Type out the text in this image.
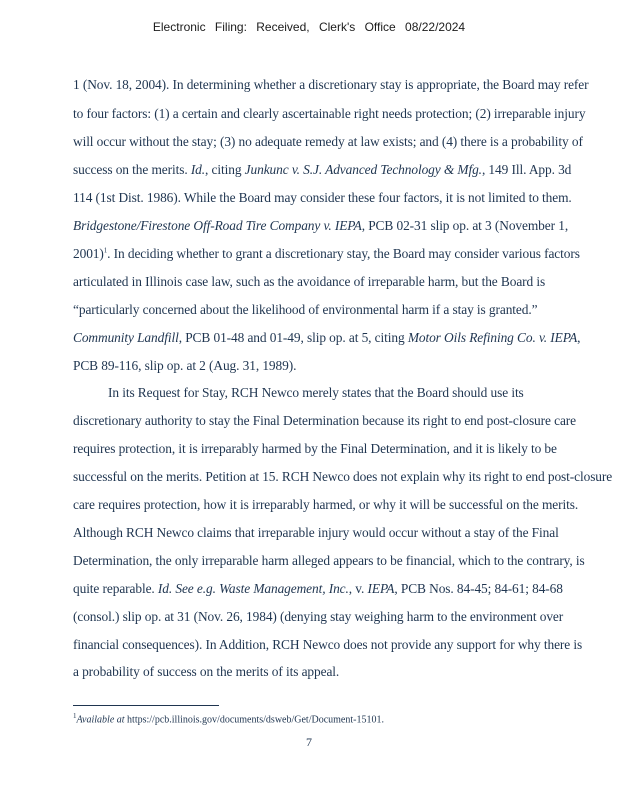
Electronic Filing: Received, Clerk's Office 08/22/2024
1 (Nov. 18, 2004). In determining whether a discretionary stay is appropriate, the Board may refer
to four factors: (1) a certain and clearly ascertainable right needs protection; (2) irreparable injury
will occur without the stay; (3) no adequate remedy at law exists; and (4) there is a probability of
success on the merits. Id., citing Junkunc v. S.J. Advanced Technology & Mfg., 149 Ill. App. 3d
114 (1st Dist. 1986). While the Board may consider these four factors, it is not limited to them.
Bridgestone/Firestone Off-Road Tire Company v. IEPA, PCB 02-31 slip op. at 3 (November 1,
2001)$^1$. In deciding whether to grant a discretionary stay, the Board may consider various factors
articulated in Illinois case law, such as the avoidance of irreparable harm, but the Board is
“particularly concerned about the likelihood of environmental harm if a stay is granted.”
Community Landfill, PCB 01-48 and 01-49, slip op. at 5, citing Motor Oils Refining Co. v. IEPA,
PCB 89-116, slip op. at 2 (Aug. 31, 1989).
In its Request for Stay, RCH Newco merely states that the Board should use its
discretionary authority to stay the Final Determination because its right to end post-closure care
requires protection, it is irreparably harmed by the Final Determination, and it is likely to be
successful on the merits. Petition at 15. RCH Newco does not explain why its right to end post-closure
care requires protection, how it is irreparably harmed, or why it will be successful on the merits.
Although RCH Newco claims that irreparable injury would occur without a stay of the Final
Determination, the only irreparable harm alleged appears to be financial, which to the contrary, is
quite reparable. Id. See e.g. Waste Management, Inc., v. IEPA, PCB Nos. 84-45; 84-61; 84-68
(consol.) slip op. at 31 (Nov. 26, 1984) (denying stay weighing harm to the environment over
financial consequences). In Addition, RCH Newco does not provide any support for why there is
a probability of success on the merits of its appeal.
$^1$Available at https://pcb.illinois.gov/documents/dsweb/Get/Document-15101.
7
